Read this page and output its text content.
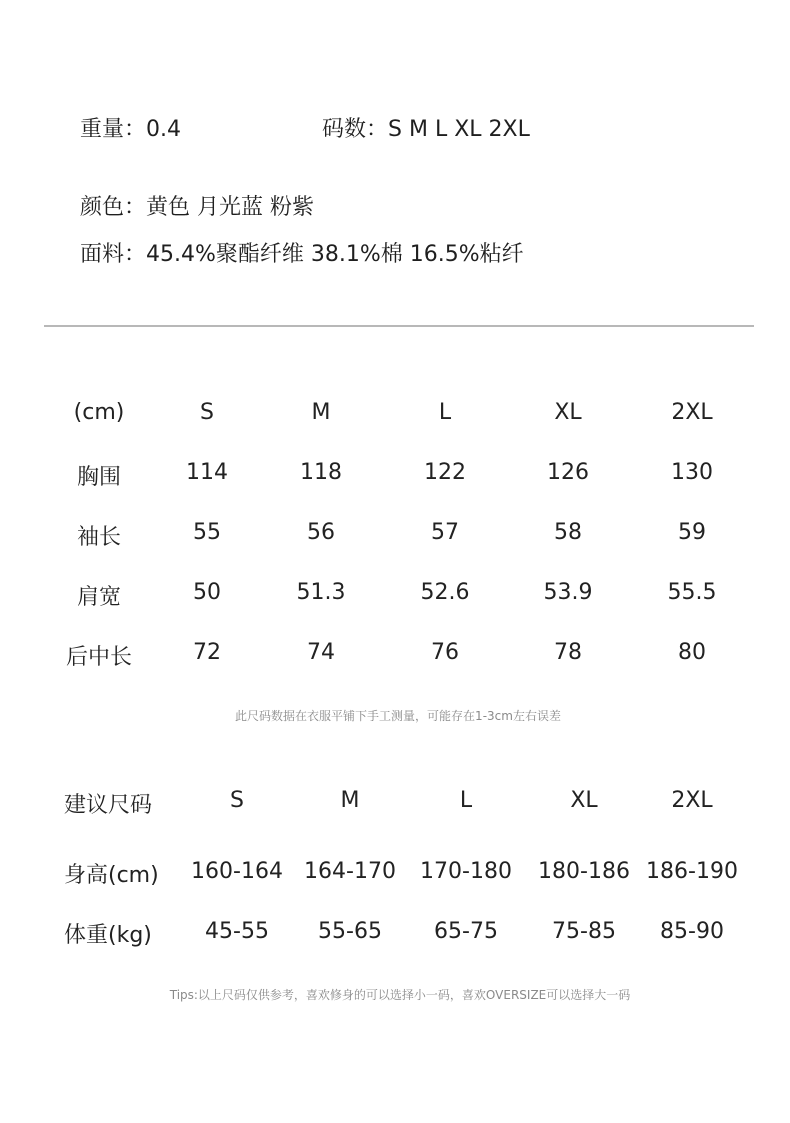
重量：0.4	码数：S M L XL 2XL
颜色：黄色 月光蓝 粉紫
面料：45.4%聚酯纤维 38.1%棉 16.5%粘纤
(cm)	S	M	L	XL	2XL
胸围	114	118	122	126	130
袖长	55	56	57	58	59
肩宽	50	51.3	52.6	53.9	55.5
后中长	72	74	76	78	80
此尺码数据在衣服平铺下手工测量，可能存在1-3cm左右误差
建议尺码	S	M	L	XL	2XL
身高(cm) 160-164 164-170 170-180 180-186 186-190
体重(kg) 45-55 55-65 65-75 75-85 85-90
Tips:以上尺码仅供参考，喜欢修身的可以选择小一码，喜欢OVERSIZE可以选择大一码
